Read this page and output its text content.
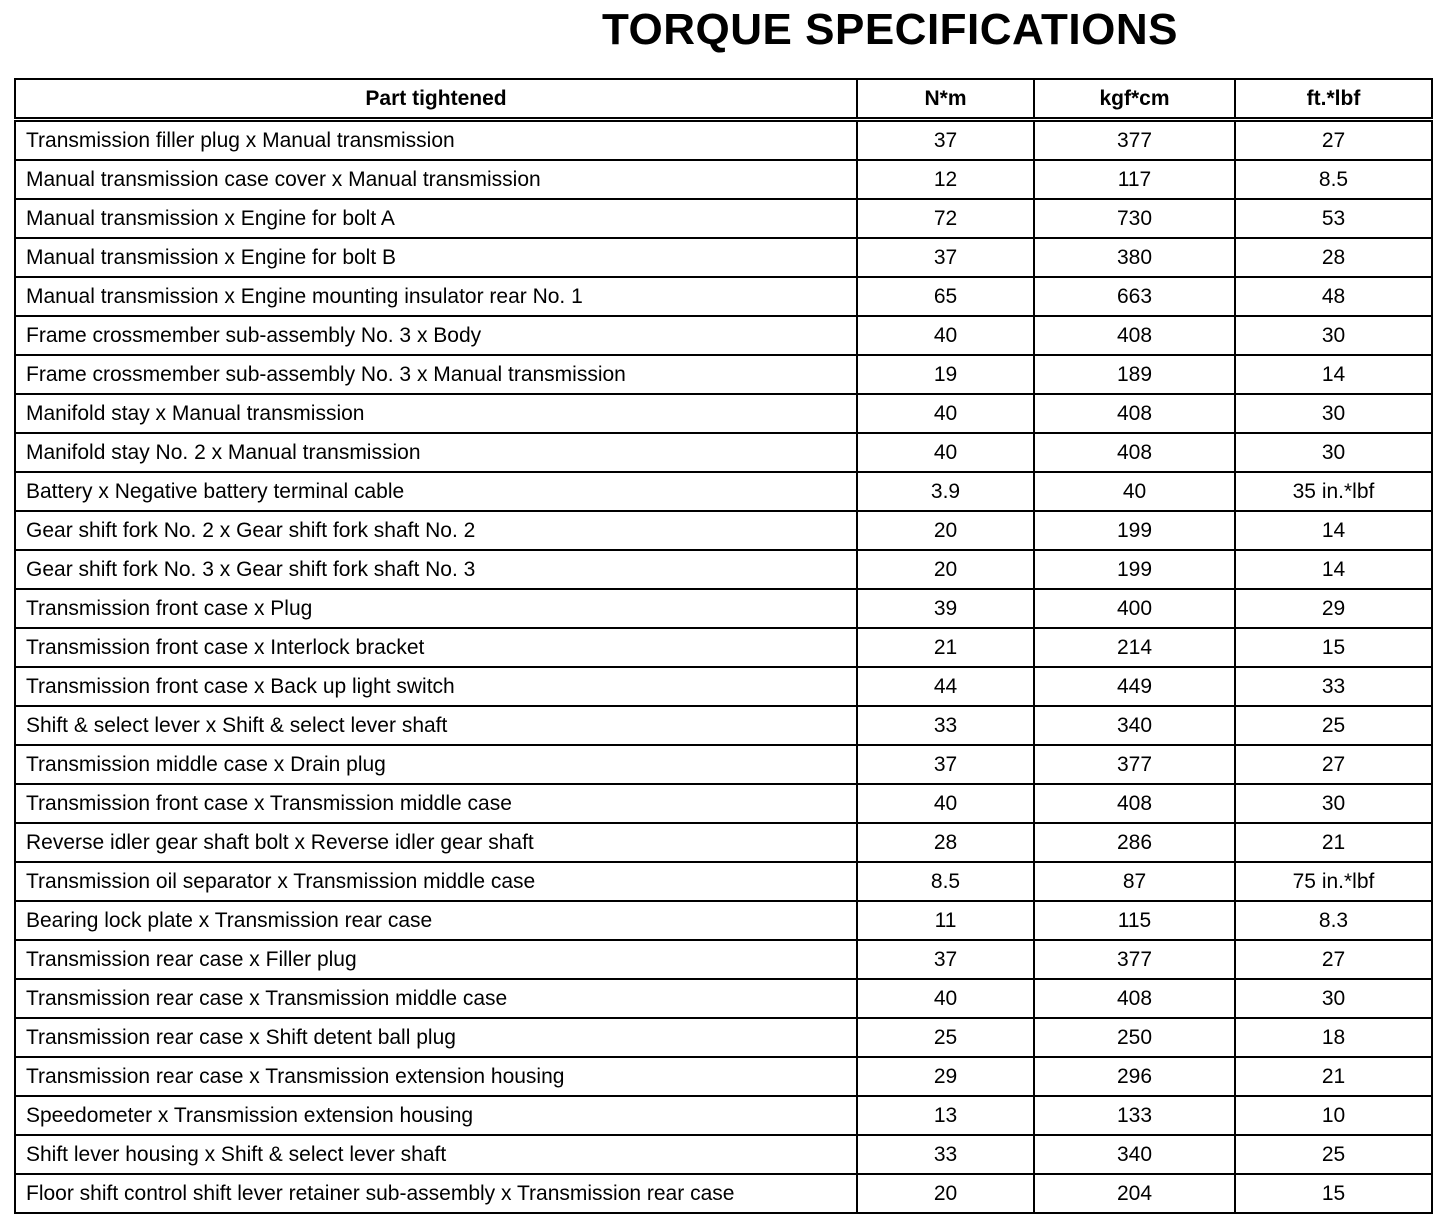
TORQUE SPECIFICATIONS
Part tightened	N*m	kgf*cm	ft.*lbf
Transmission filler plug x Manual transmission	37	377	27
Manual transmission case cover x Manual transmission	12	117	8.5
Manual transmission x Engine for bolt A	72	730	53
Manual transmission x Engine for bolt B	37	380	28
Manual transmission x Engine mounting insulator rear No. 1	65	663	48
Frame crossmember sub-assembly No. 3 x Body	40	408	30
Frame crossmember sub-assembly No. 3 x Manual transmission	19	189	14
Manifold stay x Manual transmission	40	408	30
Manifold stay No. 2 x Manual transmission	40	408	30
Battery x Negative battery terminal cable	3.9	40	35 in.*lbf
Gear shift fork No. 2 x Gear shift fork shaft No. 2	20	199	14
Gear shift fork No. 3 x Gear shift fork shaft No. 3	20	199	14
Transmission front case x Plug	39	400	29
Transmission front case x Interlock bracket	21	214	15
Transmission front case x Back up light switch	44	449	33
Shift & select lever x Shift & select lever shaft	33	340	25
Transmission middle case x Drain plug	37	377	27
Transmission front case x Transmission middle case	40	408	30
Reverse idler gear shaft bolt x Reverse idler gear shaft	28	286	21
Transmission oil separator x Transmission middle case	8.5	87	75 in.*lbf
Bearing lock plate x Transmission rear case	11	115	8.3
Transmission rear case x Filler plug	37	377	27
Transmission rear case x Transmission middle case	40	408	30
Transmission rear case x Shift detent ball plug	25	250	18
Transmission rear case x Transmission extension housing	29	296	21
Speedometer x Transmission extension housing	13	133	10
Shift lever housing x Shift & select lever shaft	33	340	25
Floor shift control shift lever retainer sub-assembly x Transmission rear case	20	204	15
